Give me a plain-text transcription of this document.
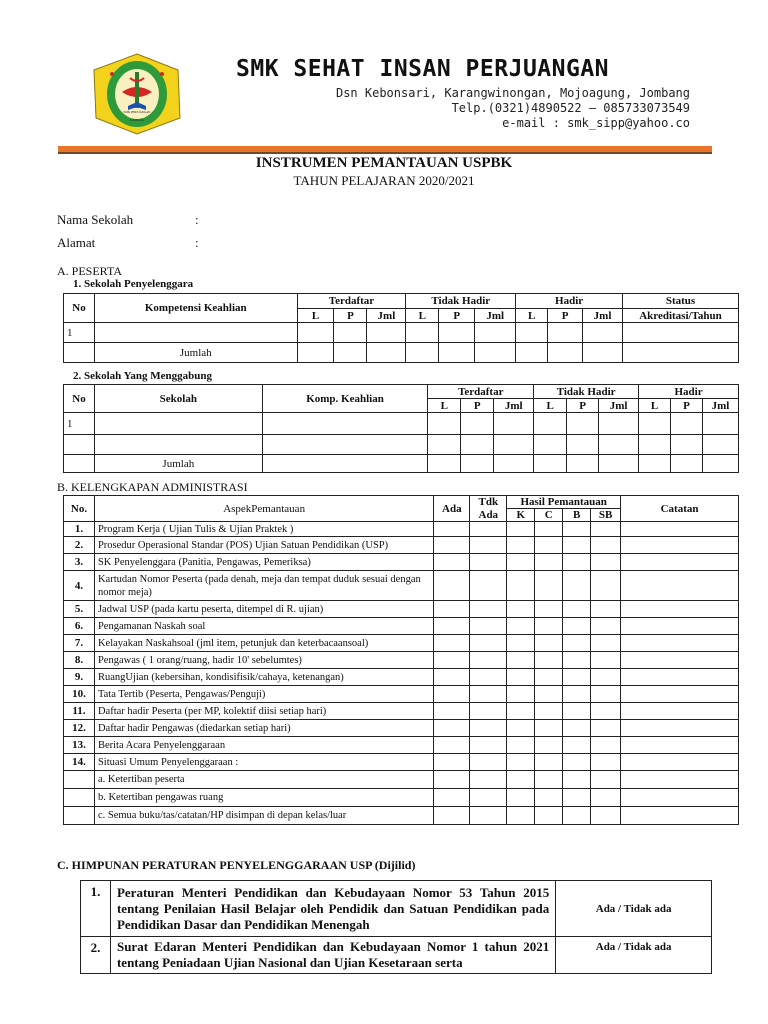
SMK PERJUANGAN
JOMBANG
SMK SEHAT INSAN PERJUANGAN
Dsn Kebonsari, Karangwinongan, Mojoagung, Jombang
Telp.(0321)4890522 – 085733073549
e-mail : smk_sipp@yahoo.co
INSTRUMEN PEMANTAUAN USPBK
TAHUN PELAJARAN 2020/2021
Nama Sekolah	:
Alamat	:
A. PESERTA
1. Sekolah Penyelenggara
No	Kompetensi Keahlian	Terdaftar			Tidak Hadir			Hadir			Status
		L	P	Jml	L	P	Jml	L	P	Jml	Akreditasi/Tahun
1											
	Jumlah										
2. Sekolah Yang Menggabung
No	Sekolah	Komp. Keahlian	Terdaftar			Tidak Hadir			Hadir		
			L	P	Jml	L	P	Jml	L	P	Jml
1											

	Jumlah										
B. KELENGKAPAN ADMINISTRASI
No.	AspekPemantauan	Ada	Tdk	Hasil Pemantauan				Catatan
			Ada	K	C	B	SB	
1.	Program Kerja ( Ujian Tulis & Ujian Praktek )							
2.	Prosedur Operasional Standar (POS) Ujian Satuan Pendidikan (USP)							
3.	SK Penyelenggara (Panitia, Pengawas, Pemeriksa)							
4.	Kartudan Nomor Peserta (pada denah, meja dan tempat duduk sesuai dengan nomor meja)							
5.	Jadwal USP (pada kartu peserta, ditempel di R. ujian)							
6.	Pengamanan Naskah soal							
7.	Kelayakan Naskahsoal (jml item, petunjuk dan keterbacaansoal)							
8.	Pengawas ( 1 orang/ruang, hadir 10' sebelumtes)							
9.	RuangUjian (kebersihan, kondisifisik/cahaya, ketenangan)							
10.	Tata Tertib (Peserta, Pengawas/Penguji)							
11.	Daftar hadir Peserta (per MP, kolektif diisi setiap hari)							
12.	Daftar hadir Pengawas (diedarkan setiap hari)							
13.	Berita Acara Penyelenggaraan							
14.	Situasi Umum Penyelenggaraan :							
	a. Ketertiban peserta							
	b. Ketertiban pengawas ruang							
	c. Semua buku/tas/catatan/HP disimpan di depan kelas/luar							
C. HIMPUNAN PERATURAN PENYELENGGARAAN USP (Dijilid)
1.	Peraturan Menteri Pendidikan dan Kebudayaan Nomor 53 Tahun 2015 tentang Penilaian Hasil Belajar oleh Pendidik dan Satuan Pendidikan pada Pendidikan Dasar dan Pendidikan Menengah	Ada / Tidak ada
2.	Surat Edaran Menteri Pendidikan dan Kebudayaan Nomor 1 tahun 2021 tentang Peniadaan Ujian Nasional dan Ujian Kesetaraan serta	Ada / Tidak ada
